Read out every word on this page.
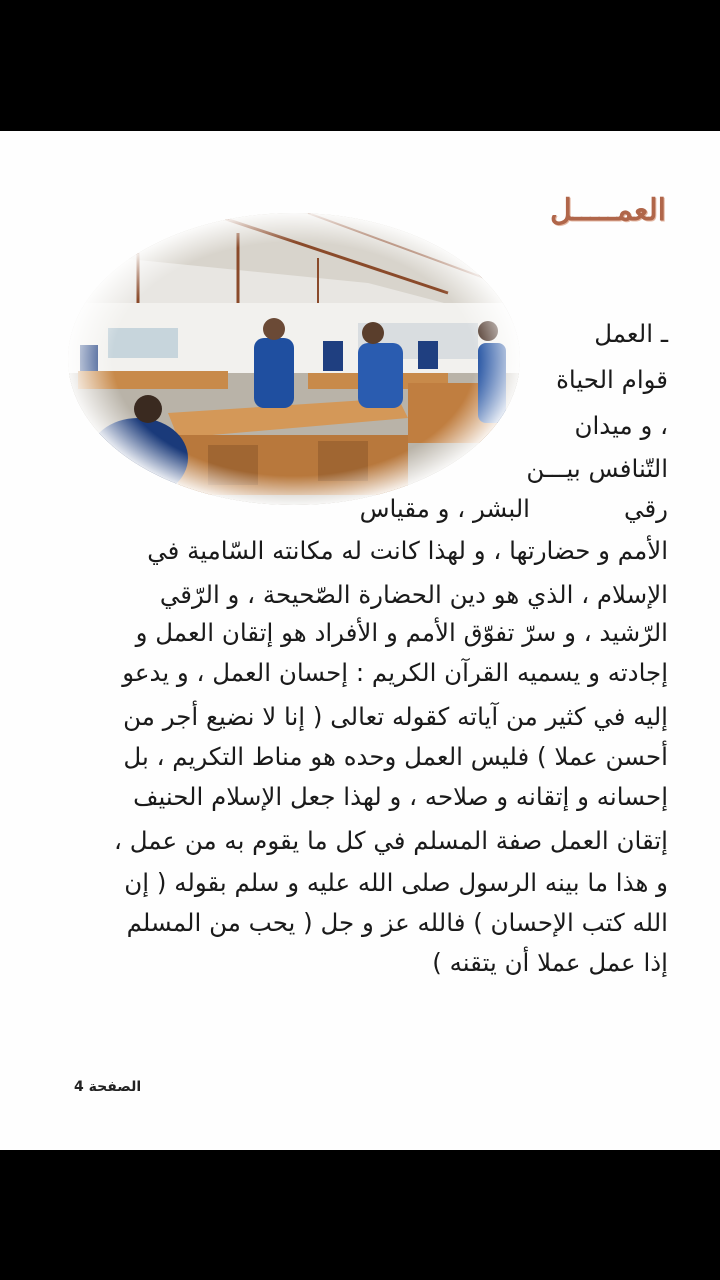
العمـــــل
ـ العمل
قوام الحياة
، و ميدان
التّنافس بيـــن
البشر ، و مقياس	رقي
الأمم و حضارتها ، و لهذا كانت له مكانته السّامية في
الإسلام ، الذي هو دين الحضارة الصّحيحة ، و الرّقي
الرّشيد ، و سرّ تفوّق الأمم و الأفراد هو إتقان العمل و
إجادته و يسميه القرآن الكريم : إحسان العمل ، و يدعو
إليه في كثير من آياته كقوله تعالى ( إنا لا نضيع أجر من
أحسن عملا ) فليس العمل وحده هو مناط التكريم ، بل
إحسانه و إتقانه و صلاحه ، و لهذا جعل الإسلام الحنيف
إتقان العمل صفة المسلم في كل ما يقوم به من عمل ،
و هذا ما بينه الرسول صلى الله عليه و سلم بقوله ( إن
الله كتب الإحسان ) فالله عز و جل ( يحب من المسلم
إذا عمل عملا أن يتقنه )
الصفحة 4
